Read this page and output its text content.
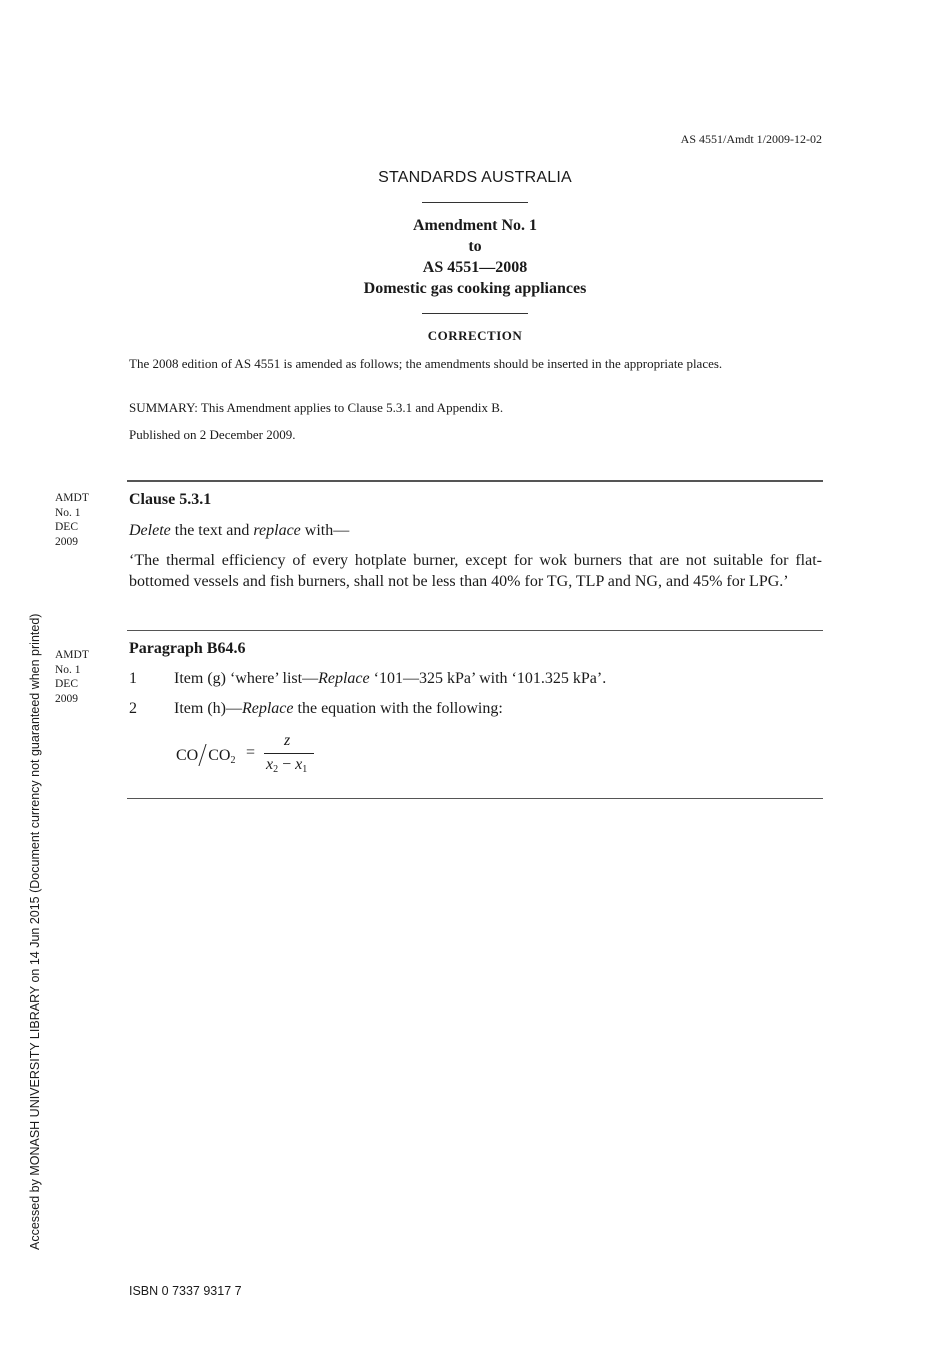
AS 4551/Amdt 1/2009-12-02
STANDARDS AUSTRALIA
Amendment No. 1
to
AS 4551—2008
Domestic gas cooking appliances
CORRECTION
The 2008 edition of AS 4551 is amended as follows; the amendments should be inserted in the appropriate places.
SUMMARY: This Amendment applies to Clause 5.3.1 and Appendix B.
Published on 2 December 2009.
AMDT
No. 1
DEC
2009
Clause 5.3.1
Delete the text and replace with—
‘The thermal efficiency of every hotplate burner, except for wok burners that are not suitable for flat-bottomed vessels and fish burners, shall not be less than 40% for TG, TLP and NG, and 45% for LPG.’
AMDT
No. 1
DEC
2009
Paragraph B64.6
1 Item (g) ‘where’ list—Replace ‘101—325 kPa’ with ‘101.325 kPa’.
2 Item (h)—Replace the equation with the following:
CO $CO_2$ =
z
$x_2 - x_1$
Accessed by MONASH UNIVERSITY LIBRARY on 14 Jun 2015 (Document currency not guaranteed when printed)
ISBN 0 7337 9317 7
